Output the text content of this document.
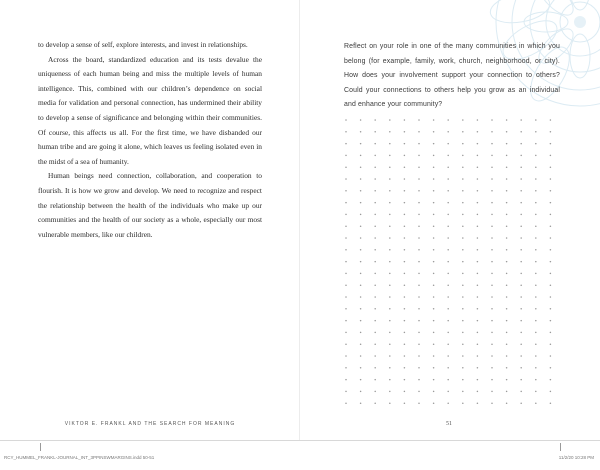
to develop a sense of self, explore interests, and invest in relationships.

Across the board, standardized education and its tests devalue the uniqueness of each human being and miss the multiple levels of human intelligence. This, combined with our children’s dependence on social media for validation and personal connection, has undermined their ability to develop a sense of significance and belonging within their communities. Of course, this affects us all. For the first time, we have disbanded our human tribe and are going it alone, which leaves us feeling isolated even in the midst of a sea of humanity.

Human beings need connection, collaboration, and cooperation to flourish. It is how we grow and develop. We need to recognize and respect the relationship between the health of the individuals who make up our communities and the health of our society as a whole, especially our most vulnerable members, like our children.

VIKTOR E. FRANKL AND THE SEARCH FOR MEANING
Reflect on your role in one of the many communities in which you belong (for example, family, work, church, neighborhood, or city). How does your involvement support your connection to others? Could your connections to others help you grow as an individual and enhance your community?
51
RCY_HUMMEL_FRANKL-JOURNAL_INT_3PPINSWMARGINS.indd 50-51	11/2/20 10:28 PM
